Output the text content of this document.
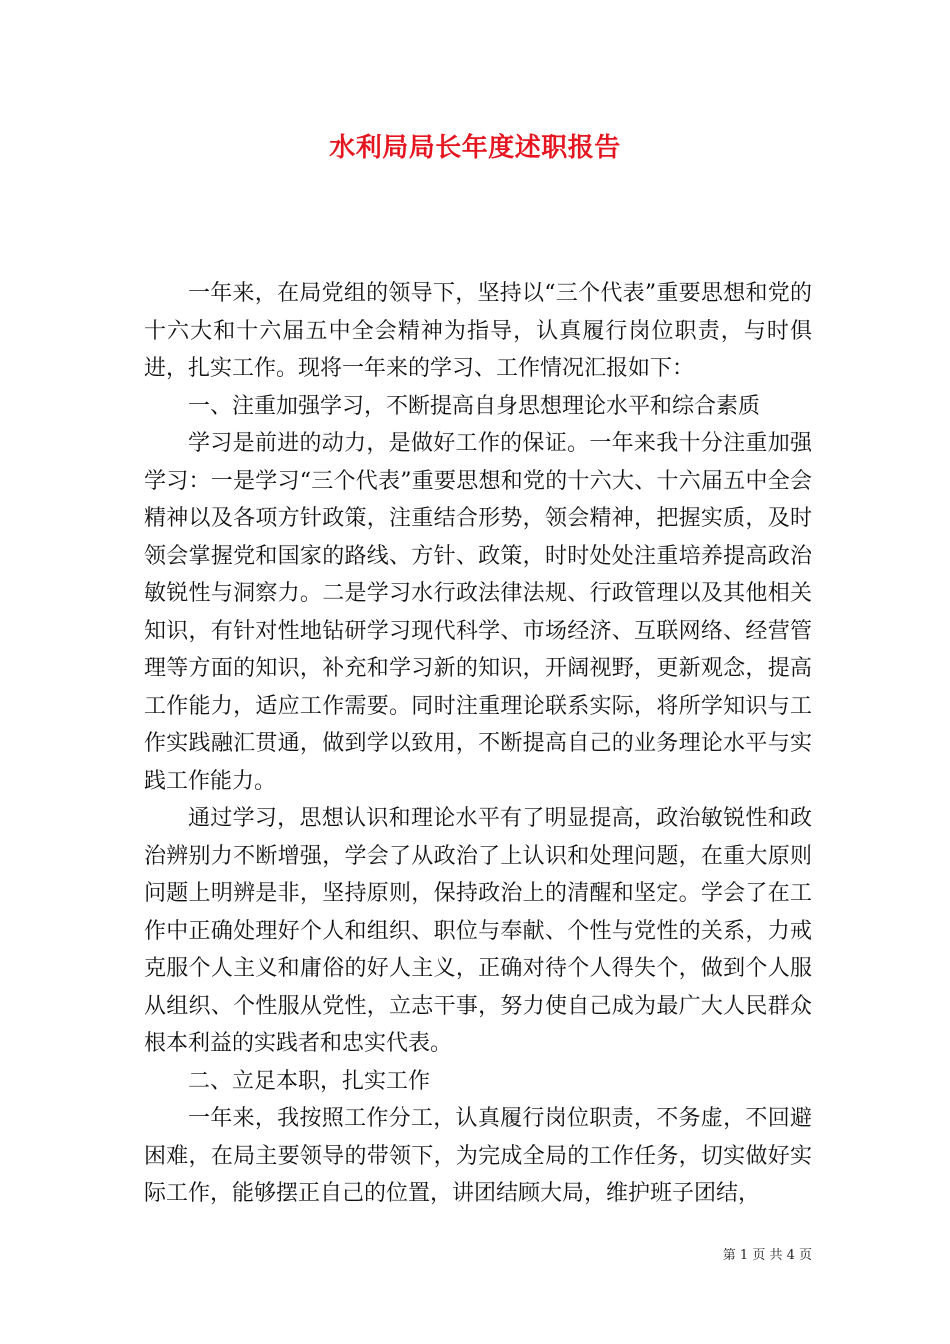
水利局局长年度述职报告

一年来，在局党组的领导下，坚持以“三个代表”重要思想和党的十六大和十六届五中全会精神为指导，认真履行岗位职责，与时俱进，扎实工作。现将一年来的学习、工作情况汇报如下：

一、注重加强学习，不断提高自身思想理论水平和综合素质

学习是前进的动力，是做好工作的保证。一年来我十分注重加强学习：一是学习“三个代表”重要思想和党的十六大、十六届五中全会精神以及各项方针政策，注重结合形势，领会精神，把握实质，及时领会掌握党和国家的路线、方针、政策，时时处处注重培养提高政治敏锐性与洞察力。二是学习水行政法律法规、行政管理以及其他相关知识，有针对性地钻研学习现代科学、市场经济、互联网络、经营管理等方面的知识，补充和学习新的知识，开阔视野，更新观念，提高工作能力，适应工作需要。同时注重理论联系实际，将所学知识与工作实践融汇贯通，做到学以致用，不断提高自己的业务理论水平与实践工作能力。

通过学习，思想认识和理论水平有了明显提高，政治敏锐性和政治辨别力不断增强，学会了从政治了上认识和处理问题，在重大原则问题上明辨是非，坚持原则，保持政治上的清醒和坚定。学会了在工作中正确处理好个人和组织、职位与奉献、个性与党性的关系，力戒克服个人主义和庸俗的好人主义，正确对待个人得失个，做到个人服从组织、个性服从党性，立志干事，努力使自己成为最广大人民群众根本利益的实践者和忠实代表。

二、立足本职，扎实工作

一年来，我按照工作分工，认真履行岗位职责，不务虚，不回避困难，在局主要领导的带领下，为完成全局的工作任务，切实做好实际工作，能够摆正自己的位置，讲团结顾大局，维护班子团结，

第 1 页 共 4 页
